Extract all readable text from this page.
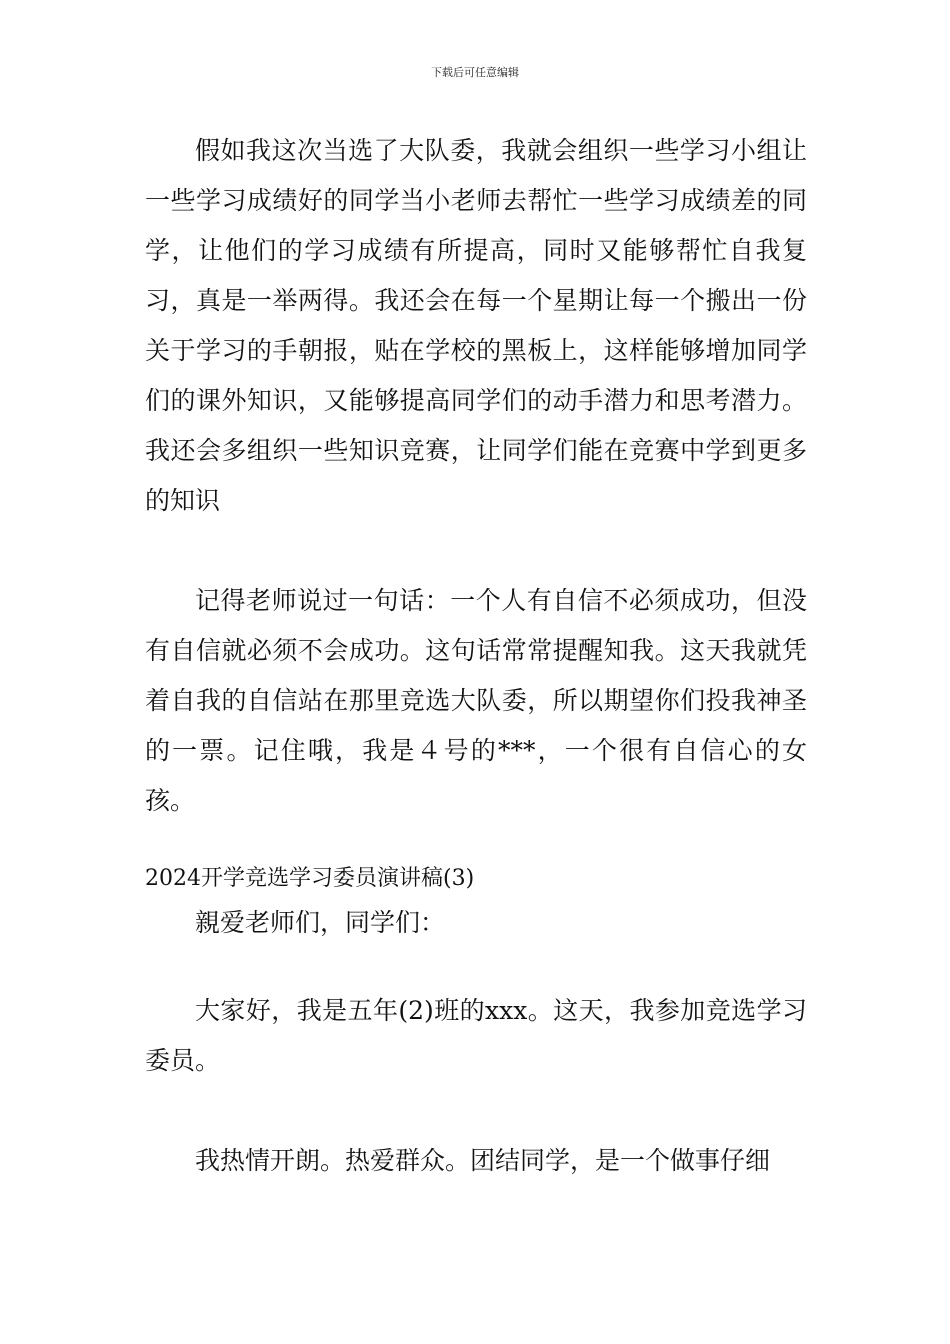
下载后可任意编辑

假如我这次当选了大队委，我就会组织一些学习小组让一些学习成绩好的同学当小老师去帮忙一些学习成绩差的同学，让他们的学习成绩有所提高，同时又能够帮忙自我复习，真是一举两得。我还会在每一个星期让每一个搬出一份关于学习的手朝报，贴在学校的黑板上，这样能够增加同学们的课外知识，又能够提高同学们的动手潜力和思考潜力。我还会多组织一些知识竞赛，让同学们能在竞赛中学到更多的知识

记得老师说过一句话：一个人有自信不必须成功，但没有自信就必须不会成功。这句话常常提醒知我。这天我就凭着自我的自信站在那里竞选大队委，所以期望你们投我神圣的一票。记住哦，我是４号的***，一个很有自信心的女孩。

2024开学竞选学习委员演讲稿(3)

親爱老师们，同学们：

大家好，我是五年(2)班的xxx。这天，我参加竞选学习委员。

我热情开朗。热爱群众。团结同学，是一个做事仔细
